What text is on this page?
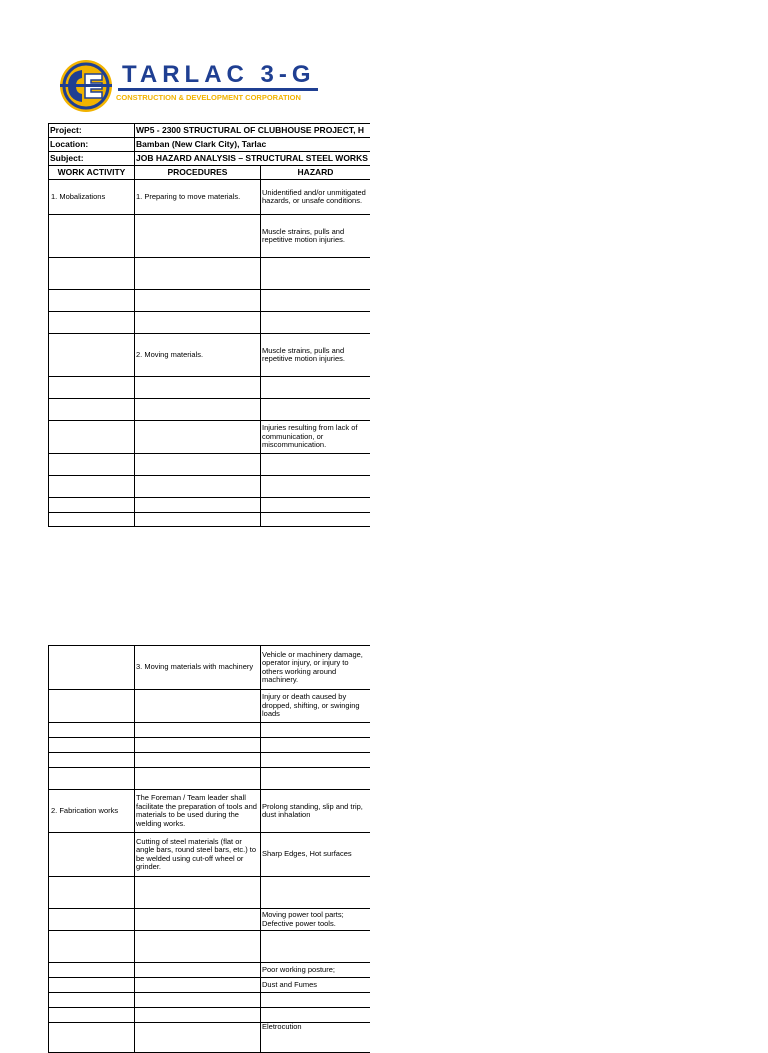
TARLAC 3-G
CONSTRUCTION & DEVELOPMENT CORPORATION
Project:	WP5 - 2300 STRUCTURAL OF CLUBHOUSE PROJECT, H	
Location:	Bamban (New Clark City), Tarlac	
Subject:	JOB HAZARD ANALYSIS – STRUCTURAL STEEL WORKS	
WORK ACTIVITY	PROCEDURES	HAZARD
1. Mobalizations	1. Preparing to move materials.	Unidentified and/or unmitigated hazards, or unsafe conditions.
		Muscle strains, pulls and repetitive motion injuries.

	2. Moving materials.	Muscle strains, pulls and repetitive motion injuries.

		Injuries resulting from lack of communication, or miscommunication.

	3. Moving materials with machinery	Vehicle or machinery damage, operator injury, or injury to others working around machinery.
		Injury or death caused by dropped, shifting, or swinging loads

2. Fabrication works	The Foreman / Team leader shall facilitate the preparation of tools and materials to be used during the welding works.	Prolong standing, slip and trip, dust inhalation
	Cutting of steel materials (flat or angle bars, round steel bars, etc.) to be welded using cut-off wheel or grinder.	Sharp Edges, Hot surfaces

		Moving power tool parts; Defective power tools.

		Poor working posture;
		Dust and Fumes

		Eletrocution
